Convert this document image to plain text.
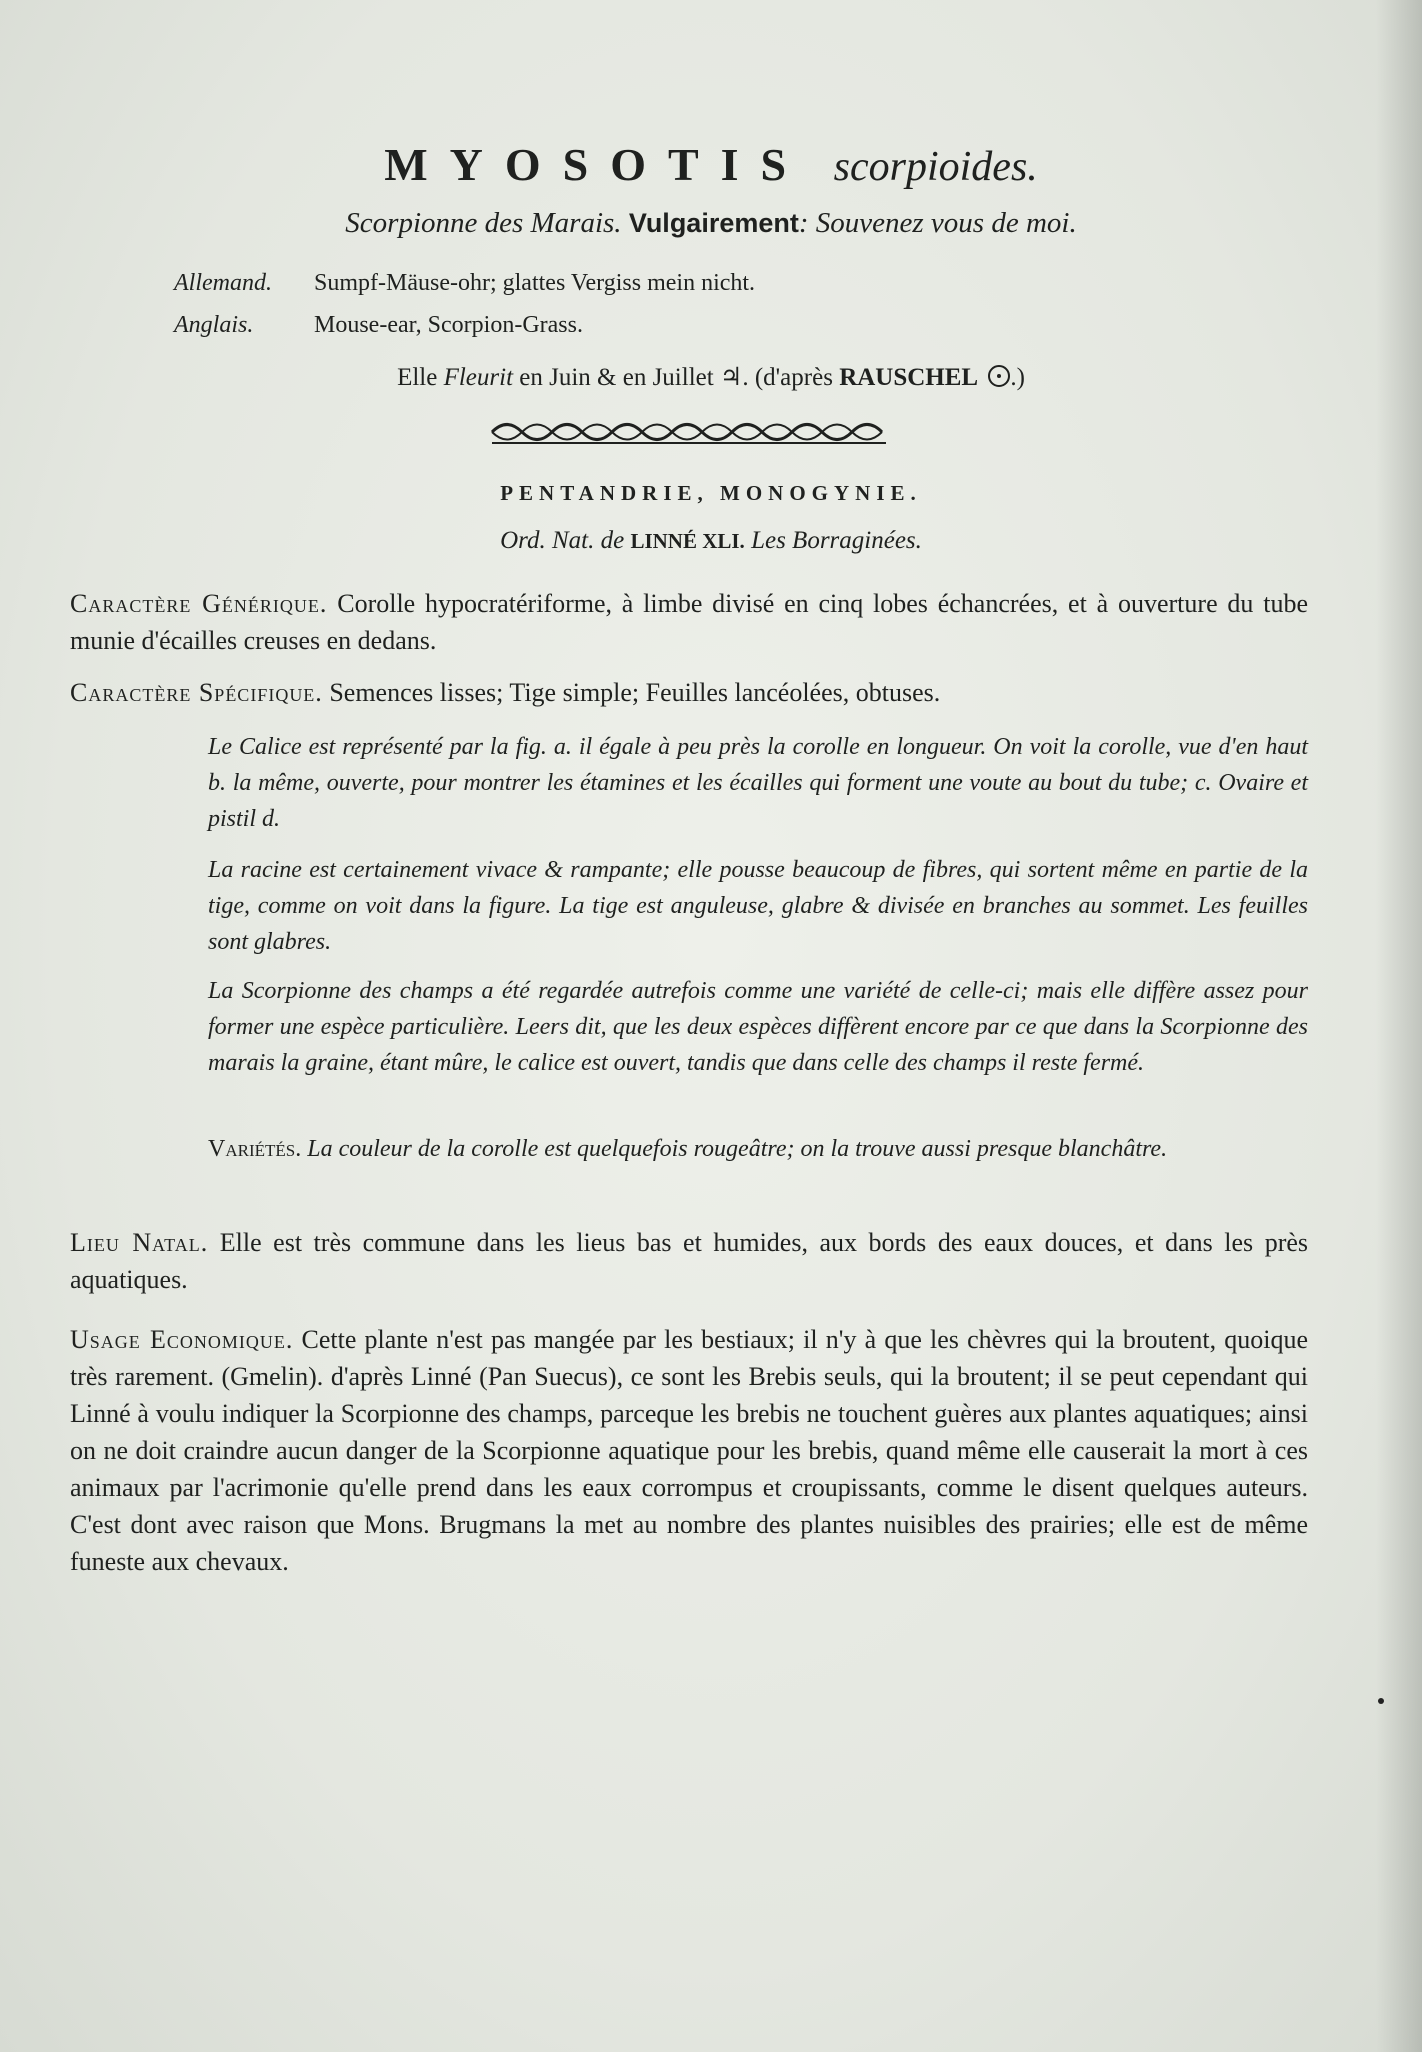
MYOSOTIS scorpioides.
Scorpionne des Marais. Vulgairement: Souvenez vous de moi.
Allemand. Sumpf-Mäuse-ohr; glattes Vergiss mein nicht.
Anglais.	Mouse-ear, Scorpion-Grass.
Elle Fleurit en Juin & en Juillet ♃. (d'après RAUSCHEL .)
PENTANDRIE, MONOGYNIE.
Ord. Nat. de LINNÉ XLI. Les Borraginées.
Caractère Générique. Corolle hypocratériforme, à limbe divisé en cinq lobes échancrées, et à ouverture du tube munie d'écailles creuses en dedans.
Caractère Spécifique. Semences lisses; Tige simple; Feuilles lancéolées, obtuses.
Le Calice est représenté par la fig. a. il égale à peu près la corolle en longueur. On voit la corolle, vue d'en haut b. la même, ouverte, pour montrer les étamines et les écailles qui forment une voute au bout du tube; c. Ovaire et pistil d.
La racine est certainement vivace & rampante; elle pousse beaucoup de fibres, qui sortent même en partie de la tige, comme on voit dans la figure. La tige est anguleuse, glabre & divisée en branches au sommet. Les feuilles sont glabres.
La Scorpionne des champs a été regardée autrefois comme une variété de celle-ci; mais elle diffère assez pour former une espèce particulière. Leers dit, que les deux espèces diffèrent encore par ce que dans la Scorpionne des marais la graine, étant mûre, le calice est ouvert, tandis que dans celle des champs il reste fermé.
Variétés. La couleur de la corolle est quelquefois rougeâtre; on la trouve aussi presque blanchâtre.
Lieu Natal. Elle est très commune dans les lieus bas et humides, aux bords des eaux douces, et dans les près aquatiques.
Usage Economique. Cette plante n'est pas mangée par les bestiaux; il n'y à que les chèvres qui la broutent, quoique très rarement. (Gmelin). d'après Linné (Pan Suecus), ce sont les Brebis seuls, qui la broutent; il se peut cependant qui Linné à voulu indiquer la Scorpionne des champs, parceque les brebis ne touchent guères aux plantes aquatiques; ainsi on ne doit craindre aucun danger de la Scorpionne aquatique pour les brebis, quand même elle causerait la mort à ces animaux par l'acrimonie qu'elle prend dans les eaux corrompus et croupissants, comme le disent quelques auteurs. C'est dont avec raison que Mons. Brugmans la met au nombre des plantes nuisibles des prairies; elle est de même funeste aux chevaux.
